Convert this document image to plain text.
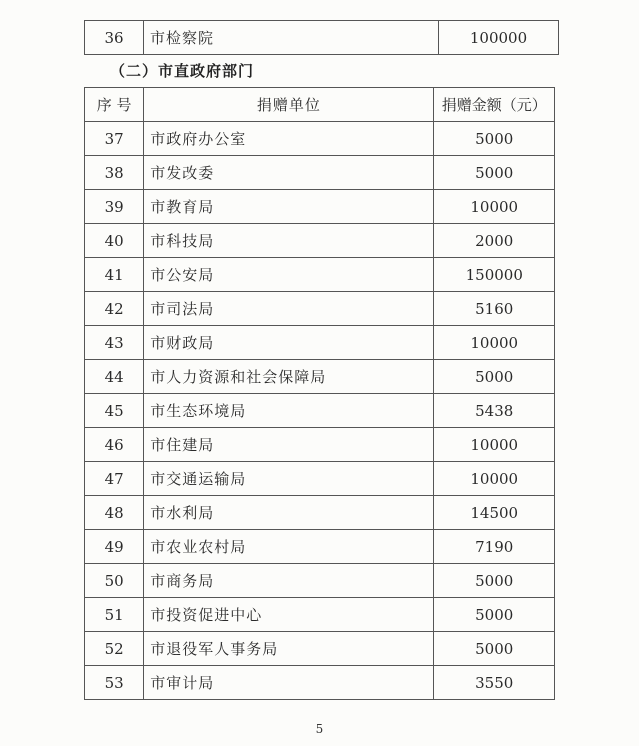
36	市检察院	100000
（二）市直政府部门
序 号	捐赠单位	捐赠金额（元）
37	市政府办公室	5000
38	市发改委	5000
39	市教育局	10000
40	市科技局	2000
41	市公安局	150000
42	市司法局	5160
43	市财政局	10000
44	市人力资源和社会保障局	5000
45	市生态环境局	5438
46	市住建局	10000
47	市交通运输局	10000
48	市水利局	14500
49	市农业农村局	7190
50	市商务局	5000
51	市投资促进中心	5000
52	市退役军人事务局	5000
53	市审计局	3550
5
